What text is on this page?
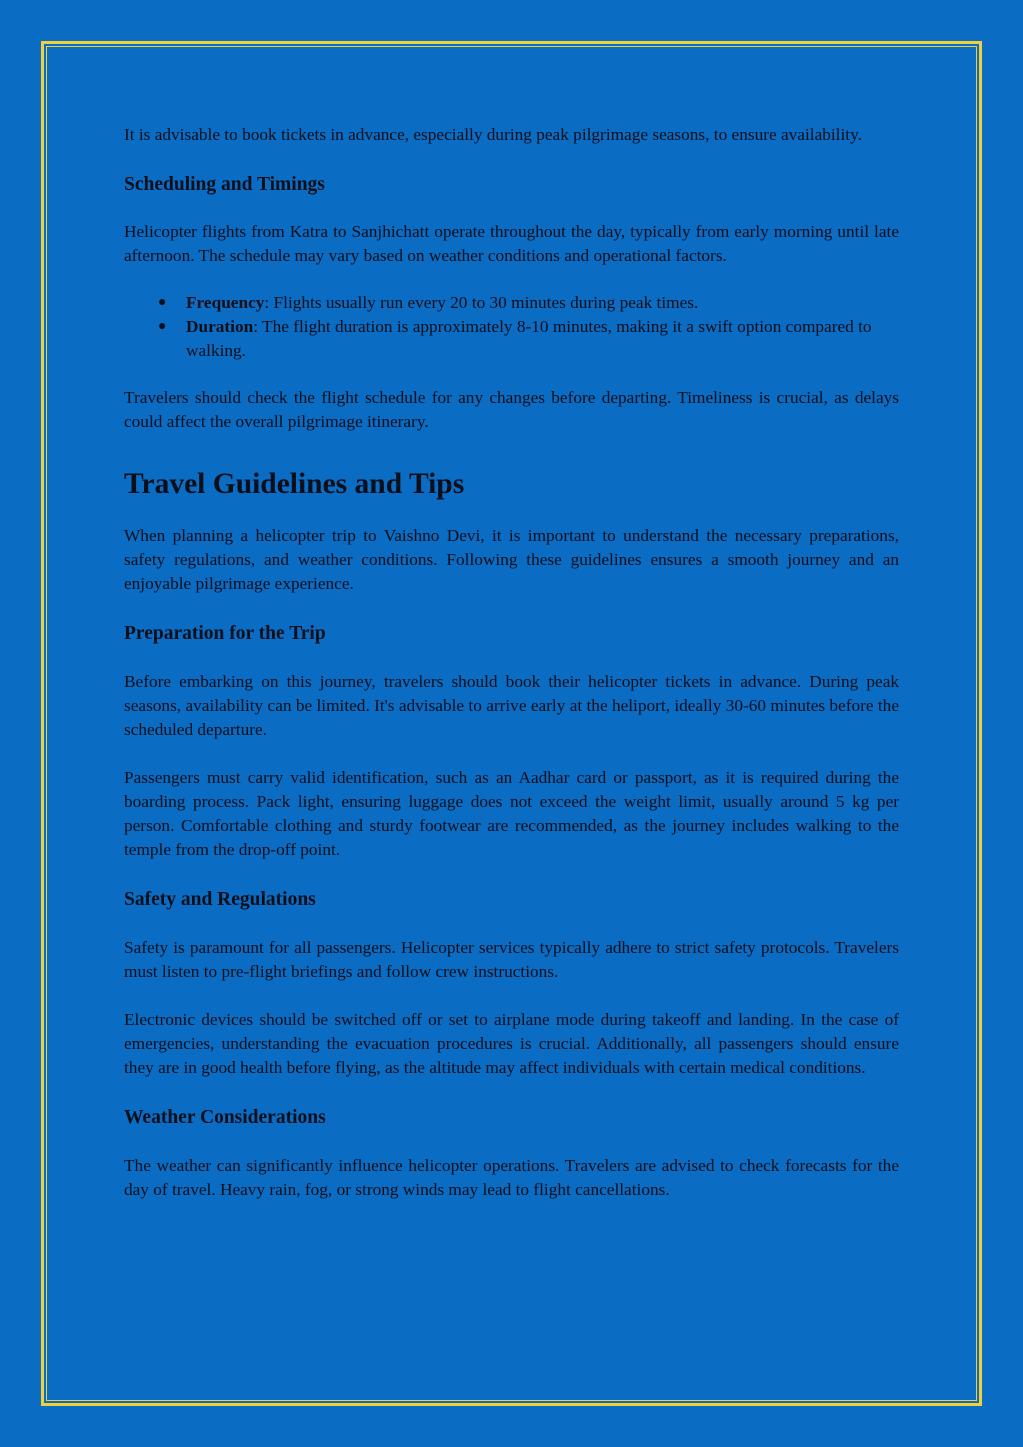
It is advisable to book tickets in advance, especially during peak pilgrimage seasons, to ensure availability.

Scheduling and Timings

Helicopter flights from Katra to Sanjhichatt operate throughout the day, typically from early morning until late afternoon. The schedule may vary based on weather conditions and operational factors.

● Frequency: Flights usually run every 20 to 30 minutes during peak times.
● Duration: The flight duration is approximately 8-10 minutes, making it a swift option compared to walking.

Travelers should check the flight schedule for any changes before departing. Timeliness is crucial, as delays could affect the overall pilgrimage itinerary.

Travel Guidelines and Tips

When planning a helicopter trip to Vaishno Devi, it is important to understand the necessary preparations, safety regulations, and weather conditions. Following these guidelines ensures a smooth journey and an enjoyable pilgrimage experience.

Preparation for the Trip

Before embarking on this journey, travelers should book their helicopter tickets in advance. During peak seasons, availability can be limited. It's advisable to arrive early at the heliport, ideally 30-60 minutes before the scheduled departure.

Passengers must carry valid identification, such as an Aadhar card or passport, as it is required during the boarding process. Pack light, ensuring luggage does not exceed the weight limit, usually around 5 kg per person. Comfortable clothing and sturdy footwear are recommended, as the journey includes walking to the temple from the drop-off point.

Safety and Regulations

Safety is paramount for all passengers. Helicopter services typically adhere to strict safety protocols. Travelers must listen to pre-flight briefings and follow crew instructions.

Electronic devices should be switched off or set to airplane mode during takeoff and landing. In the case of emergencies, understanding the evacuation procedures is crucial. Additionally, all passengers should ensure they are in good health before flying, as the altitude may affect individuals with certain medical conditions.

Weather Considerations

The weather can significantly influence helicopter operations. Travelers are advised to check forecasts for the day of travel. Heavy rain, fog, or strong winds may lead to flight cancellations.
